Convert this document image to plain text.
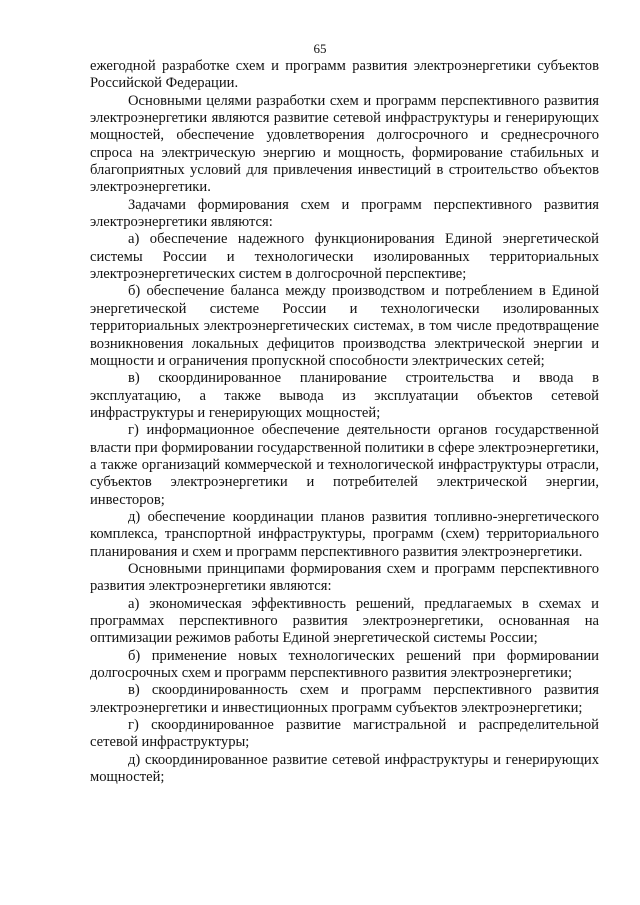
65

ежегодной разработке схем и программ развития электроэнергетики субъектов Российской Федерации.

Основными целями разработки схем и программ перспективного развития электроэнергетики являются развитие сетевой инфраструктуры и генерирующих мощностей, обеспечение удовлетворения долгосрочного и среднесрочного спроса на электрическую энергию и мощность, формирование стабильных и благоприятных условий для привлечения инвестиций в строительство объектов электроэнергетики.

Задачами формирования схем и программ перспективного развития электроэнергетики являются:

а) обеспечение надежного функционирования Единой энергетической системы России и технологически изолированных территориальных электроэнергетических систем в долгосрочной перспективе;

б) обеспечение баланса между производством и потреблением в Единой энергетической системе России и технологически изолированных территориальных электроэнергетических системах, в том числе предотвращение возникновения локальных дефицитов производства электрической энергии и мощности и ограничения пропускной способности электрических сетей;

в) скоординированное планирование строительства и ввода в эксплуатацию, а также вывода из эксплуатации объектов сетевой инфраструктуры и генерирующих мощностей;

г) информационное обеспечение деятельности органов государственной власти при формировании государственной политики в сфере электроэнергетики, а также организаций коммерческой и технологической инфраструктуры отрасли, субъектов электроэнергетики и потребителей электрической энергии, инвесторов;

д) обеспечение координации планов развития топливно-энергетического комплекса, транспортной инфраструктуры, программ (схем) территориального планирования и схем и программ перспективного развития электроэнергетики.

Основными принципами формирования схем и программ перспективного развития электроэнергетики являются:

а) экономическая эффективность решений, предлагаемых в схемах и программах перспективного развития электроэнергетики, основанная на оптимизации режимов работы Единой энергетической системы России;

б) применение новых технологических решений при формировании долгосрочных схем и программ перспективного развития электроэнергетики;

в) скоординированность схем и программ перспективного развития электроэнергетики и инвестиционных программ субъектов электроэнергетики;

г) скоординированное развитие магистральной и распределительной сетевой инфраструктуры;

д) скоординированное развитие сетевой инфраструктуры и генерирующих мощностей;
